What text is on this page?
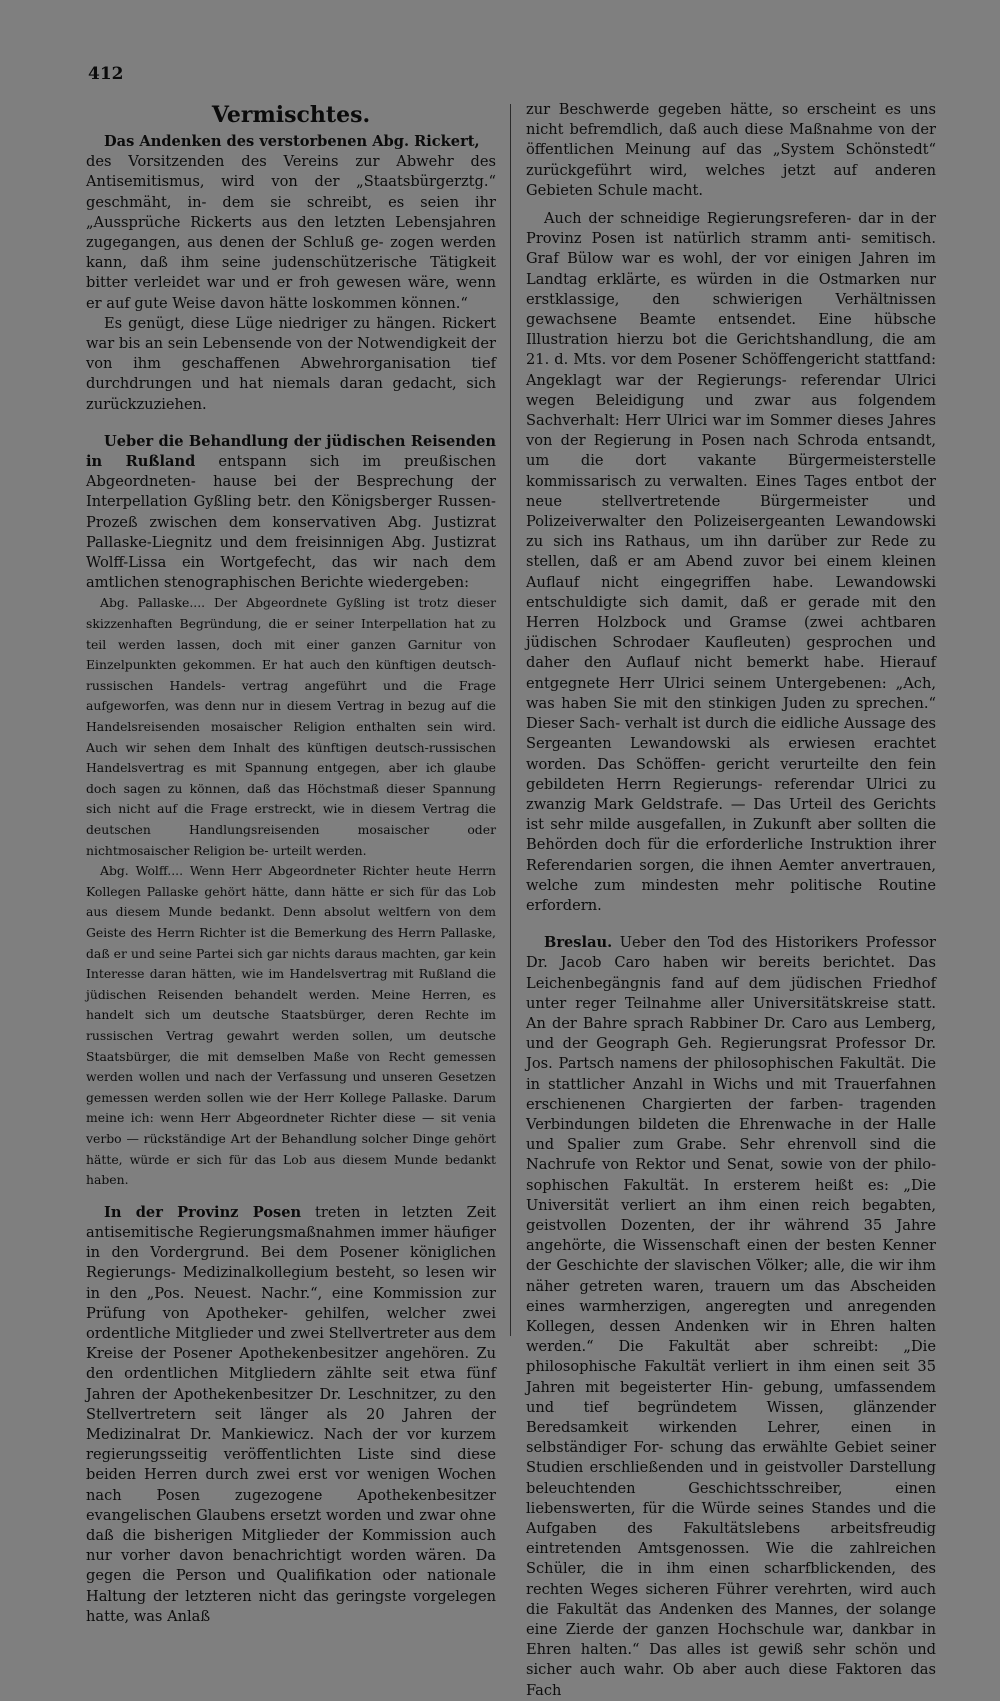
412
Vermischtes.

Das Andenken des verstorbenen Abg. Rickert,

des Vorsitzenden des Vereins zur Abwehr des Antisemitismus, wird von der „Staatsbürgerztg.“ geschmäht, in- dem sie schreibt, es seien ihr „Aussprüche Rickerts aus den letzten Lebensjahren zugegangen, aus denen der Schluß ge- zogen werden kann, daß ihm seine judenschützerische Tätigkeit bitter verleidet war und er froh gewesen wäre, wenn er auf gute Weise davon hätte loskommen können.“

Es genügt, diese Lüge niedriger zu hängen. Rickert war bis an sein Lebensende von der Notwendigkeit der von ihm geschaffenen Abwehrorganisation tief durchdrungen und hat niemals daran gedacht, sich zurückzuziehen.

Ueber die Behandlung der jüdischen Reisenden in Rußland entspann sich im preußischen Abgeordneten- hause bei der Besprechung der Interpellation Gyßling betr. den Königsberger Russen-Prozeß zwischen dem konservativen Abg. Justizrat Pallaske-Liegnitz und dem freisinnigen Abg. Justizrat Wolff-Lissa ein Wortgefecht, das wir nach dem amtlichen stenographischen Berichte wiedergeben:

Abg. Pallaske.... Der Abgeordnete Gyßling ist trotz dieser skizzenhaften Begründung, die er seiner Interpellation hat zu teil werden lassen, doch mit einer ganzen Garnitur von Einzelpunkten gekommen. Er hat auch den künftigen deutsch-russischen Handels- vertrag angeführt und die Frage aufgeworfen, was denn nur in diesem Vertrag in bezug auf die Handelsreisenden mosaischer Religion enthalten sein wird. Auch wir sehen dem Inhalt des künftigen deutsch-russischen Handelsvertrag es mit Spannung entgegen, aber ich glaube doch sagen zu können, daß das Höchstmaß dieser Spannung sich nicht auf die Frage erstreckt, wie in diesem Vertrag die deutschen Handlungsreisenden mosaischer oder nichtmosaischer Religion be- urteilt werden.

Abg. Wolff.... Wenn Herr Abgeordneter Richter heute Herrn Kollegen Pallaske gehört hätte, dann hätte er sich für das Lob aus diesem Munde bedankt. Denn absolut weltfern von dem Geiste des Herrn Richter ist die Bemerkung des Herrn Pallaske, daß er und seine Partei sich gar nichts daraus machten, gar kein Interesse daran hätten, wie im Handelsvertrag mit Rußland die jüdischen Reisenden behandelt werden. Meine Herren, es handelt sich um deutsche Staatsbürger, deren Rechte im russischen Vertrag gewahrt werden sollen, um deutsche Staatsbürger, die mit demselben Maße von Recht gemessen werden wollen und nach der Verfassung und unseren Gesetzen gemessen werden sollen wie der Herr Kollege Pallaske. Darum meine ich: wenn Herr Abgeordneter Richter diese — sit venia verbo — rückständige Art der Behandlung solcher Dinge gehört hätte, würde er sich für das Lob aus diesem Munde bedankt haben.

In der Provinz Posen treten in letzten Zeit antisemitische Regierungsmaßnahmen immer häufiger in den Vordergrund. Bei dem Posener königlichen Regierungs- Medizinalkollegium besteht, so lesen wir in den „Pos. Neuest. Nachr.“, eine Kommission zur Prüfung von Apotheker- gehilfen, welcher zwei ordentliche Mitglieder und zwei Stellvertreter aus dem Kreise der Posener Apothekenbesitzer angehören. Zu den ordentlichen Mitgliedern zählte seit etwa fünf Jahren der Apothekenbesitzer Dr. Leschnitzer, zu den Stellvertretern seit länger als 20 Jahren der Medizinalrat Dr. Mankiewicz. Nach der vor kurzem regierungsseitig veröffentlichten Liste sind diese beiden Herren durch zwei erst vor wenigen Wochen nach Posen zugezogene Apothekenbesitzer evangelischen Glaubens ersetzt worden und zwar ohne daß die bisherigen Mitglieder der Kommission auch nur vorher davon benachrichtigt worden wären. Da gegen die Person und Qualifikation oder nationale Haltung der letzteren nicht das geringste vorgelegen hatte, was Anlaß

zur Beschwerde gegeben hätte, so erscheint es uns nicht befremdlich, daß auch diese Maßnahme von der öffentlichen Meinung auf das „System Schönstedt“ zurückgeführt wird, welches jetzt auf anderen Gebieten Schule macht.

Auch der schneidige Regierungsreferen- dar in der Provinz Posen ist natürlich stramm anti- semitisch. Graf Bülow war es wohl, der vor einigen Jahren im Landtag erklärte, es würden in die Ostmarken nur erstklassige, den schwierigen Verhältnissen gewachsene Beamte entsendet. Eine hübsche Illustration hierzu bot die Gerichtshandlung, die am 21. d. Mts. vor dem Posener Schöffengericht stattfand: Angeklagt war der Regierungs- referendar Ulrici wegen Beleidigung und zwar aus folgendem Sachverhalt: Herr Ulrici war im Sommer dieses Jahres von der Regierung in Posen nach Schroda entsandt, um die dort vakante Bürgermeisterstelle kommissarisch zu verwalten. Eines Tages entbot der neue stellvertretende Bürgermeister und Polizeiverwalter den Polizeisergeanten Lewandowski zu sich ins Rathaus, um ihn darüber zur Rede zu stellen, daß er am Abend zuvor bei einem kleinen Auflauf nicht eingegriffen habe. Lewandowski entschuldigte sich damit, daß er gerade mit den Herren Holzbock und Gramse (zwei achtbaren jüdischen Schrodaer Kaufleuten) gesprochen und daher den Auflauf nicht bemerkt habe. Hierauf entgegnete Herr Ulrici seinem Untergebenen: „Ach, was haben Sie mit den stinkigen Juden zu sprechen.“ Dieser Sach- verhalt ist durch die eidliche Aussage des Sergeanten Lewandowski als erwiesen erachtet worden. Das Schöffen- gericht verurteilte den fein gebildeten Herrn Regierungs- referendar Ulrici zu zwanzig Mark Geldstrafe. — Das Urteil des Gerichts ist sehr milde ausgefallen, in Zukunft aber sollten die Behörden doch für die erforderliche Instruktion ihrer Referendarien sorgen, die ihnen Aemter anvertrauen, welche zum mindesten mehr politische Routine erfordern.

Breslau. Ueber den Tod des Historikers Professor Dr. Jacob Caro haben wir bereits berichtet. Das Leichenbegängnis fand auf dem jüdischen Friedhof unter reger Teilnahme aller Universitätskreise statt. An der Bahre sprach Rabbiner Dr. Caro aus Lemberg, und der Geograph Geh. Regierungsrat Professor Dr. Jos. Partsch namens der philosophischen Fakultät. Die in stattlicher Anzahl in Wichs und mit Trauerfahnen erschienenen Chargierten der farben- tragenden Verbindungen bildeten die Ehrenwache in der Halle und Spalier zum Grabe. Sehr ehrenvoll sind die Nachrufe von Rektor und Senat, sowie von der philo- sophischen Fakultät. In ersterem heißt es: „Die Universität verliert an ihm einen reich begabten, geistvollen Dozenten, der ihr während 35 Jahre angehörte, die Wissenschaft einen der besten Kenner der Geschichte der slavischen Völker; alle, die wir ihm näher getreten waren, trauern um das Abscheiden eines warmherzigen, angeregten und anregenden Kollegen, dessen Andenken wir in Ehren halten werden.“ Die Fakultät aber schreibt: „Die philosophische Fakultät verliert in ihm einen seit 35 Jahren mit begeisterter Hin- gebung, umfassendem und tief begründetem Wissen, glänzender Beredsamkeit wirkenden Lehrer, einen in selbständiger For- schung das erwählte Gebiet seiner Studien erschließenden und in geistvoller Darstellung beleuchtenden Geschichtsschreiber, einen liebenswerten, für die Würde seines Standes und die Aufgaben des Fakultätslebens arbeitsfreudig eintretenden Amtsgenossen. Wie die zahlreichen Schüler, die in ihm einen scharfblickenden, des rechten Weges sicheren Führer verehrten, wird auch die Fakultät das Andenken des Mannes, der solange eine Zierde der ganzen Hochschule war, dankbar in Ehren halten.“ Das alles ist gewiß sehr schön und sicher auch wahr. Ob aber auch diese Faktoren das Fach
